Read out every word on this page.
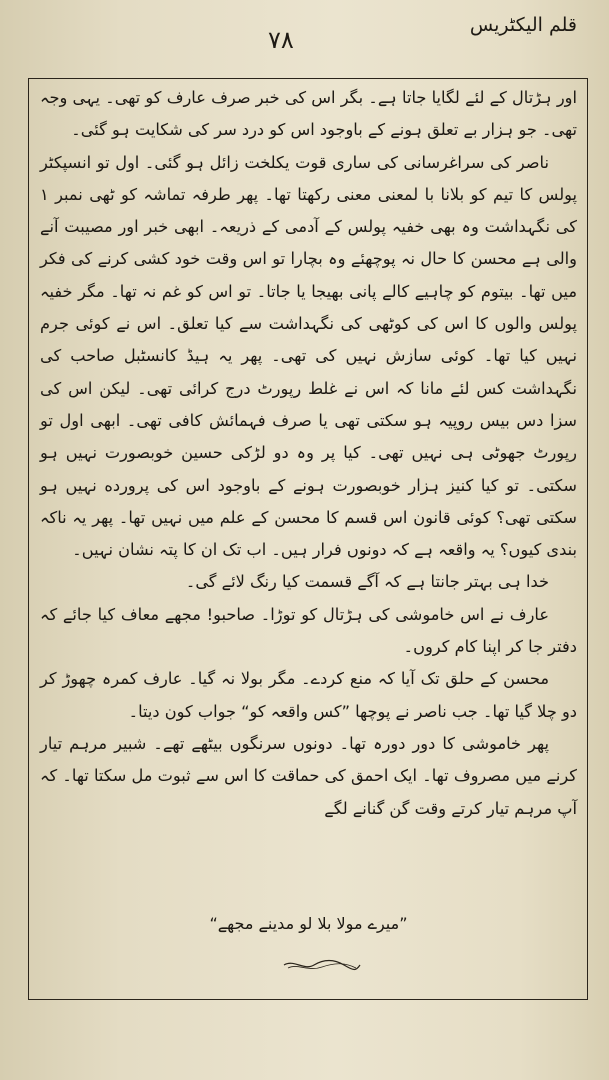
قلم الیکٹریس
۷۸

اور ہڑتال کے لئے لگایا جاتا ہے۔ بگر اس کی خبر صرف عارف کو تھی۔ یہی وجہ تھی۔ جو ہزار بے تعلق ہونے کے باوجود اس کو درد سر کی شکایت ہو گئی۔

ناصر کی سراغرسانی کی ساری قوت یکلخت زائل ہو گئی۔ اول تو انسپکٹر پولس کا تیم کو بلانا با لمعنی معنی رکھتا تھا۔ پھر طرفہ تماشہ کو ٹھی نمبر ۱ کی نگہداشت وہ بھی خفیہ پولس کے آدمی کے ذریعہ۔ ابھی خبر اور مصیبت آنے والی ہے محسن کا حال نہ پوچھئے وہ بچارا تو اس وقت خود کشی کرنے کی فکر میں تھا۔ بیتوم کو چاہیے کالے پانی بھیجا یا جاتا۔ تو اس کو غم نہ تھا۔ مگر خفیہ پولس والوں کا اس کی کوٹھی کی نگہداشت سے کیا تعلق۔ اس نے کوئی جرم نہیں کیا تھا۔ کوئی سازش نہیں کی تھی۔ پھر یہ ہیڈ کانسٹبل صاحب کی نگہداشت کس لئے مانا کہ اس نے غلط رپورٹ درج کرائی تھی۔ لیکن اس کی سزا دس بیس روپیہ ہو سکتی تھی یا صرف فہمائش کافی تھی۔ ابھی اول تو رپورٹ جھوٹی ہی نہیں تھی۔ کیا پر وہ دو لڑکی حسین خوبصورت نہیں ہو سکتی۔ تو کیا کنیز ہزار خوبصورت ہونے کے باوجود اس کی پرورده نہیں ہو سکتی تھی؟ کوئی قانون اس قسم کا محسن کے علم میں نہیں تھا۔ پھر یہ ناکہ بندی کیوں؟ یہ واقعہ ہے کہ دونوں فرار ہیں۔ اب تک ان کا پتہ نشان نہیں۔

خدا ہی بہتر جانتا ہے کہ آگے قسمت کیا رنگ لائے گی۔

عارف نے اس خاموشی کی ہڑتال کو توڑا۔ صاحبو! مجھے معاف کیا جائے کہ دفتر جا کر اپنا کام کروں۔

محسن کے حلق تک آیا کہ منع کردے۔ مگر بولا نہ گیا۔ عارف کمرہ چھوڑ کر دو چلا گیا تھا۔ جب ناصر نے پوچھا ”کس واقعہ کو“ جواب کون دیتا۔

پھر خاموشی کا دور دورہ تھا۔ دونوں سرنگوں بیٹھے تھے۔ شبیر مرہم تیار کرنے میں مصروف تھا۔ ایک احمق کی حماقت کا اس سے ثبوت مل سکتا تھا۔ کہ آپ مرہم تیار کرتے وقت گن گنانے لگے

”میرے مولا بلا لو مدینے مجھے“
